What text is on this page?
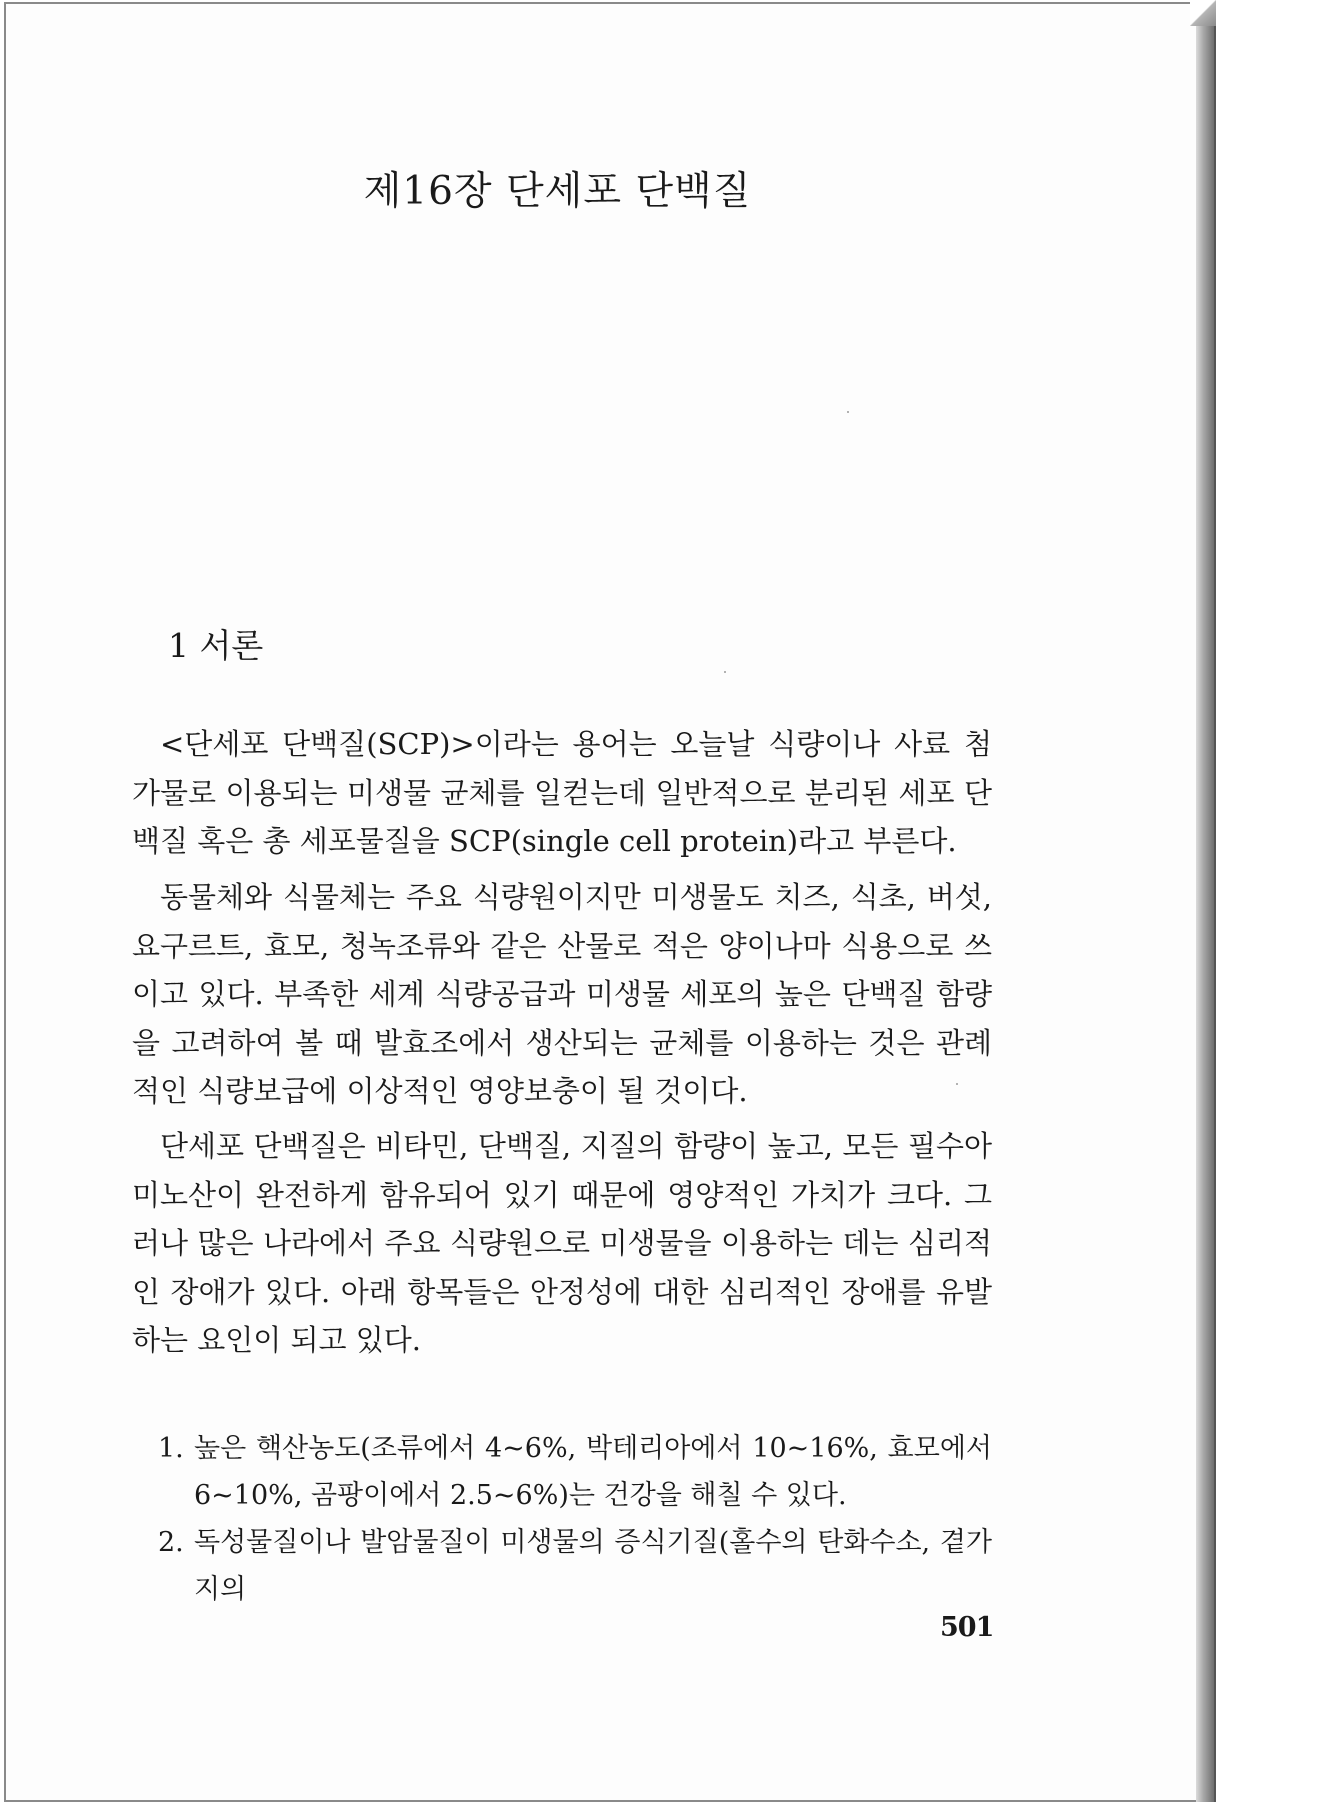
제16장 단세포 단백질
1 서론

<단세포 단백질(SCP)>이라는 용어는 오늘날 식량이나 사료 첨가물로 이용되는 미생물 균체를 일컫는데 일반적으로 분리된 세포 단백질 혹은 총 세포물질을 SCP(single cell protein)라고 부른다.

동물체와 식물체는 주요 식량원이지만 미생물도 치즈, 식초, 버섯, 요구르트, 효모, 청녹조류와 같은 산물로 적은 양이나마 식용으로 쓰이고 있다. 부족한 세계 식량공급과 미생물 세포의 높은 단백질 함량을 고려하여 볼 때 발효조에서 생산되는 균체를 이용하는 것은 관례적인 식량보급에 이상적인 영양보충이 될 것이다.

단세포 단백질은 비타민, 단백질, 지질의 함량이 높고, 모든 필수아미노산이 완전하게 함유되어 있기 때문에 영양적인 가치가 크다. 그러나 많은 나라에서 주요 식량원으로 미생물을 이용하는 데는 심리적인 장애가 있다. 아래 항목들은 안정성에 대한 심리적인 장애를 유발하는 요인이 되고 있다.

1. 높은 핵산농도(조류에서 4~6%, 박테리아에서 10~16%, 효모에서 6~10%, 곰팡이에서 2.5~6%)는 건강을 해칠 수 있다.
2. 독성물질이나 발암물질이 미생물의 증식기질(홀수의 탄화수소, 곁가지의
501
